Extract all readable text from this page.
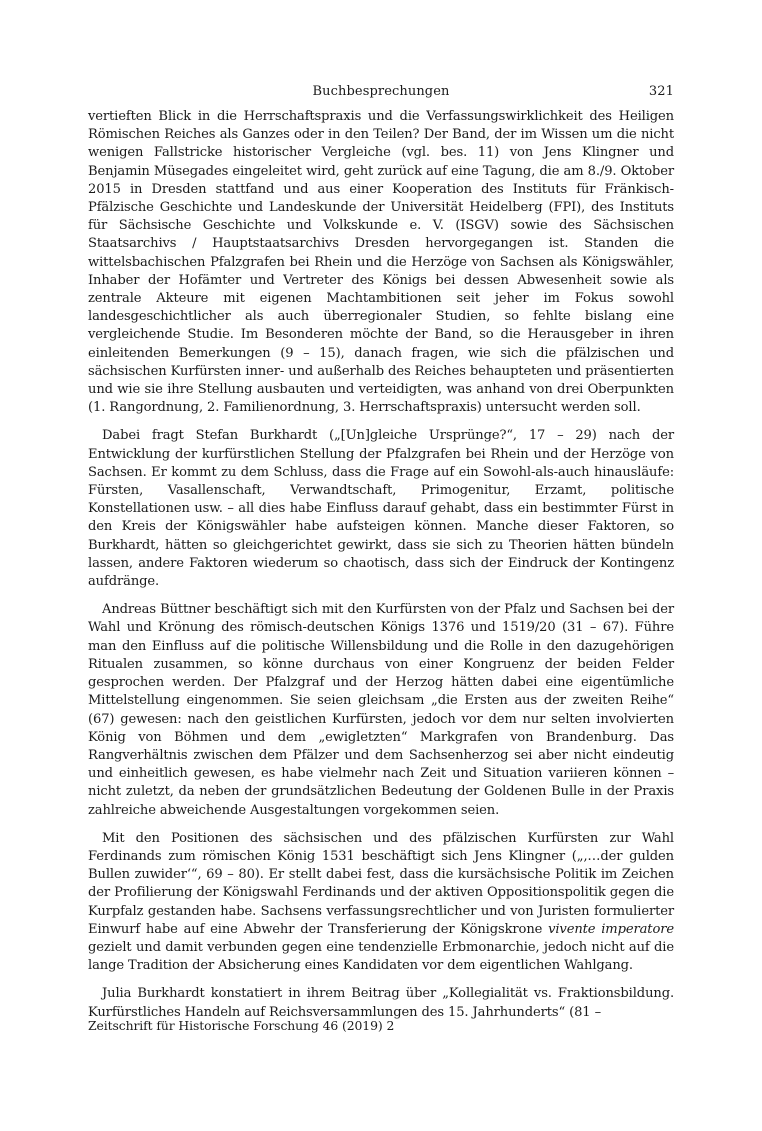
Buchbesprechungen	321

vertieften Blick in die Herrschaftspraxis und die Verfassungswirklichkeit des Heiligen Römischen Reiches als Ganzes oder in den Teilen? Der Band, der im Wissen um die nicht wenigen Fallstricke historischer Vergleiche (vgl. bes. 11) von Jens Klingner und Benjamin Müsegades eingeleitet wird, geht zurück auf eine Tagung, die am 8./9. Oktober 2015 in Dresden stattfand und aus einer Kooperation des Instituts für Fränkisch-Pfälzische Geschichte und Landeskunde der Universität Heidelberg (FPI), des Instituts für Sächsische Geschichte und Volkskunde e. V. (ISGV) sowie des Sächsischen Staatsarchivs / Hauptstaatsarchivs Dresden hervorgegangen ist. Standen die wittelsbachischen Pfalzgrafen bei Rhein und die Herzöge von Sachsen als Königswähler, Inhaber der Hofämter und Vertreter des Königs bei dessen Abwesenheit sowie als zentrale Akteure mit eigenen Machtambitionen seit jeher im Fokus sowohl landesgeschichtlicher als auch überregionaler Studien, so fehlte bislang eine vergleichende Studie. Im Besonderen möchte der Band, so die Herausgeber in ihren einleitenden Bemerkungen (9 – 15), danach fragen, wie sich die pfälzischen und sächsischen Kurfürsten inner- und außerhalb des Reiches behaupteten und präsentierten und wie sie ihre Stellung ausbauten und verteidigten, was anhand von drei Oberpunkten (1. Rangordnung, 2. Familienordnung, 3. Herrschaftspraxis) untersucht werden soll.

Dabei fragt Stefan Burkhardt („[Un]gleiche Ursprünge?“, 17 – 29) nach der Entwicklung der kurfürstlichen Stellung der Pfalzgrafen bei Rhein und der Herzöge von Sachsen. Er kommt zu dem Schluss, dass die Frage auf ein Sowohl-als-auch hinausläufe: Fürsten, Vasallenschaft, Verwandtschaft, Primogenitur, Erzamt, politische Konstellationen usw. – all dies habe Einfluss darauf gehabt, dass ein bestimmter Fürst in den Kreis der Königswähler habe aufsteigen können. Manche dieser Faktoren, so Burkhardt, hätten so gleichgerichtet gewirkt, dass sie sich zu Theorien hätten bündeln lassen, andere Faktoren wiederum so chaotisch, dass sich der Eindruck der Kontingenz aufdränge.

Andreas Büttner beschäftigt sich mit den Kurfürsten von der Pfalz und Sachsen bei der Wahl und Krönung des römisch-deutschen Königs 1376 und 1519/20 (31 – 67). Führe man den Einfluss auf die politische Willensbildung und die Rolle in den dazugehörigen Ritualen zusammen, so könne durchaus von einer Kongruenz der beiden Felder gesprochen werden. Der Pfalzgraf und der Herzog hätten dabei eine eigentümliche Mittelstellung eingenommen. Sie seien gleichsam „die Ersten aus der zweiten Reihe“ (67) gewesen: nach den geistlichen Kurfürsten, jedoch vor dem nur selten involvierten König von Böhmen und dem „ewigletzten“ Markgrafen von Brandenburg. Das Rangverhältnis zwischen dem Pfälzer und dem Sachsenherzog sei aber nicht eindeutig und einheitlich gewesen, es habe vielmehr nach Zeit und Situation variieren können – nicht zuletzt, da neben der grundsätzlichen Bedeutung der Goldenen Bulle in der Praxis zahlreiche abweichende Ausgestaltungen vorgekommen seien.

Mit den Positionen des sächsischen und des pfälzischen Kurfürsten zur Wahl Ferdinands zum römischen König 1531 beschäftigt sich Jens Klingner („‚…der gulden Bullen zuwider‘“, 69 – 80). Er stellt dabei fest, dass die kursächsische Politik im Zeichen der Profilierung der Königswahl Ferdinands und der aktiven Oppositionspolitik gegen die Kurpfalz gestanden habe. Sachsens verfassungsrechtlicher und von Juristen formulierter Einwurf habe auf eine Abwehr der Transferierung der Königskrone vivente imperatore gezielt und damit verbunden gegen eine tendenzielle Erbmonarchie, jedoch nicht auf die lange Tradition der Absicherung eines Kandidaten vor dem eigentlichen Wahlgang.

Julia Burkhardt konstatiert in ihrem Beitrag über „Kollegialität vs. Fraktionsbildung. Kurfürstliches Handeln auf Reichsversammlungen des 15. Jahrhunderts“ (81 –

Zeitschrift für Historische Forschung 46 (2019) 2
